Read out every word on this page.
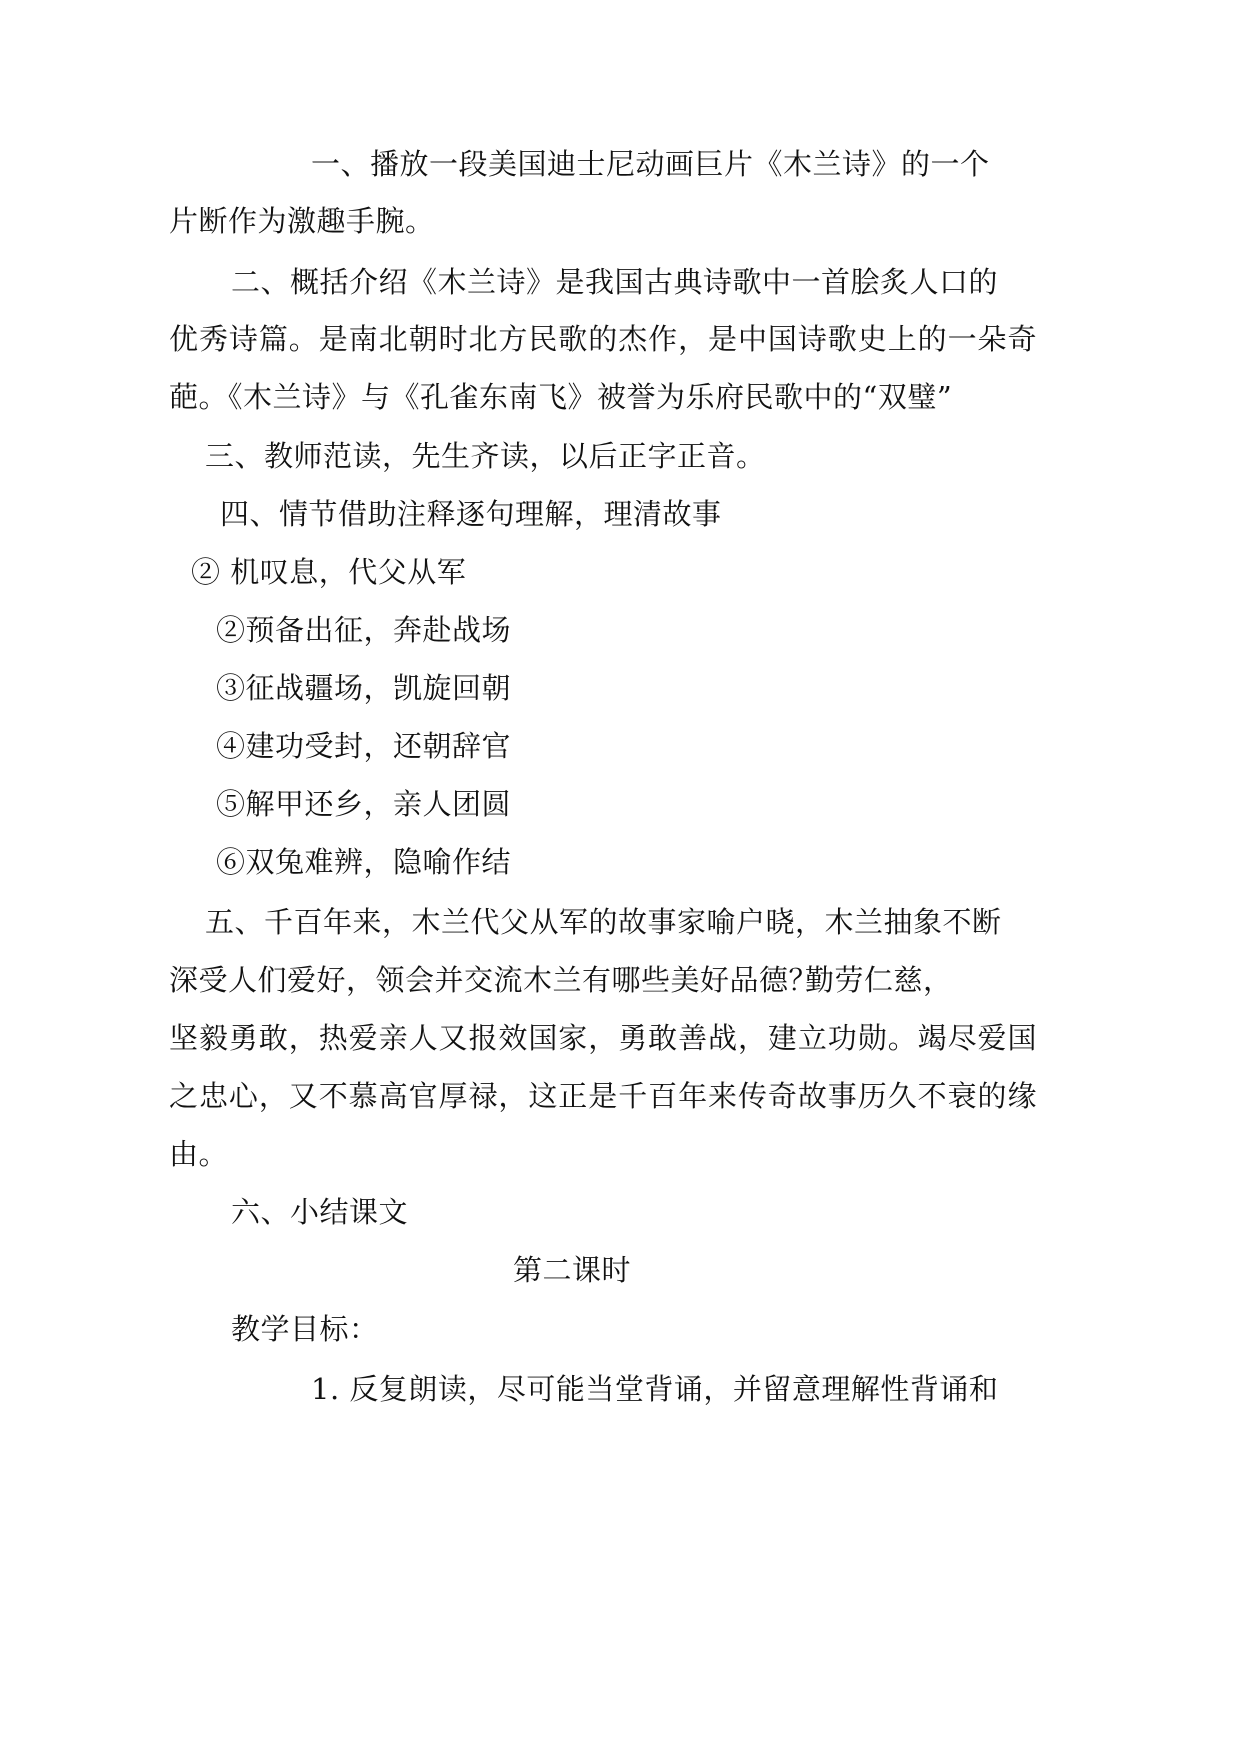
一、播放一段美国迪士尼动画巨片《木兰诗》的一个
片断作为激趣手腕。
二、概括介绍《木兰诗》是我国古典诗歌中一首脍炙人口的
优秀诗篇。是南北朝时北方民歌的杰作，是中国诗歌史上的一朵奇
葩。《木兰诗》与《孔雀东南飞》被誉为乐府民歌中的“双璧”
三、教师范读，先生齐读，以后正字正音。
四、情节借助注释逐句理解，理清故事
② 机叹息，代父从军
②预备出征，奔赴战场
③征战疆场，凯旋回朝
④建功受封，还朝辞官
⑤解甲还乡，亲人团圆
⑥双兔难辨，隐喻作结
五、千百年来，木兰代父从军的故事家喻户晓，木兰抽象不断
深受人们爱好，领会并交流木兰有哪些美好品德？
勤劳仁慈，
坚毅勇敢，热爱亲人又报效国家，勇敢善战，建立功勋。竭尽爱国
之忠心，又不慕高官厚禄，这正是千百年来传奇故事历久不衰的缘
由。
六、小结课文
第二课时
教学目标：
1. 反复朗读，尽可能当堂背诵，并留意理解性背诵和
